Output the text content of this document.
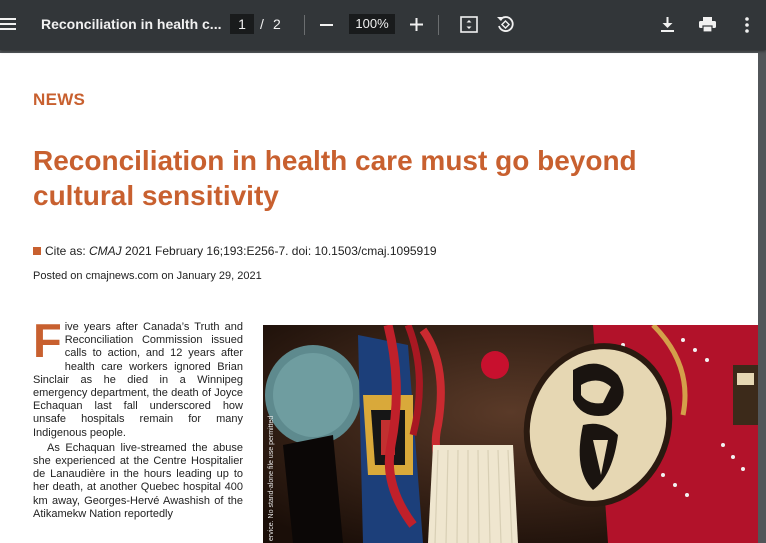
Reconciliation in health c...	1	/ 2	100%
NEWS
Reconciliation in health care must go beyond cultural sensitivity
Cite as: CMAJ 2021 February 16;193:E256-7. doi: 10.1503/cmaj.1095919
Posted on cmajnews.com on January 29, 2021

Five years after Canada’s Truth and Reconciliation Commission issued calls to action, and 12 years after health care workers ignored Brian Sinclair as he died in a Winnipeg emergency department, the death of Joyce Echaquan last fall underscored how unsafe hospitals remain for many Indigenous people.

As Echaquan live-streamed the abuse she experienced at the Centre Hospitalier de Lanaudière in the hours leading up to her death, at another Quebec hospital 400 km away, Georges-Hervé Awashish of the Atikamekw Nation reportedly	ervice. No stand-alone file use permitted
